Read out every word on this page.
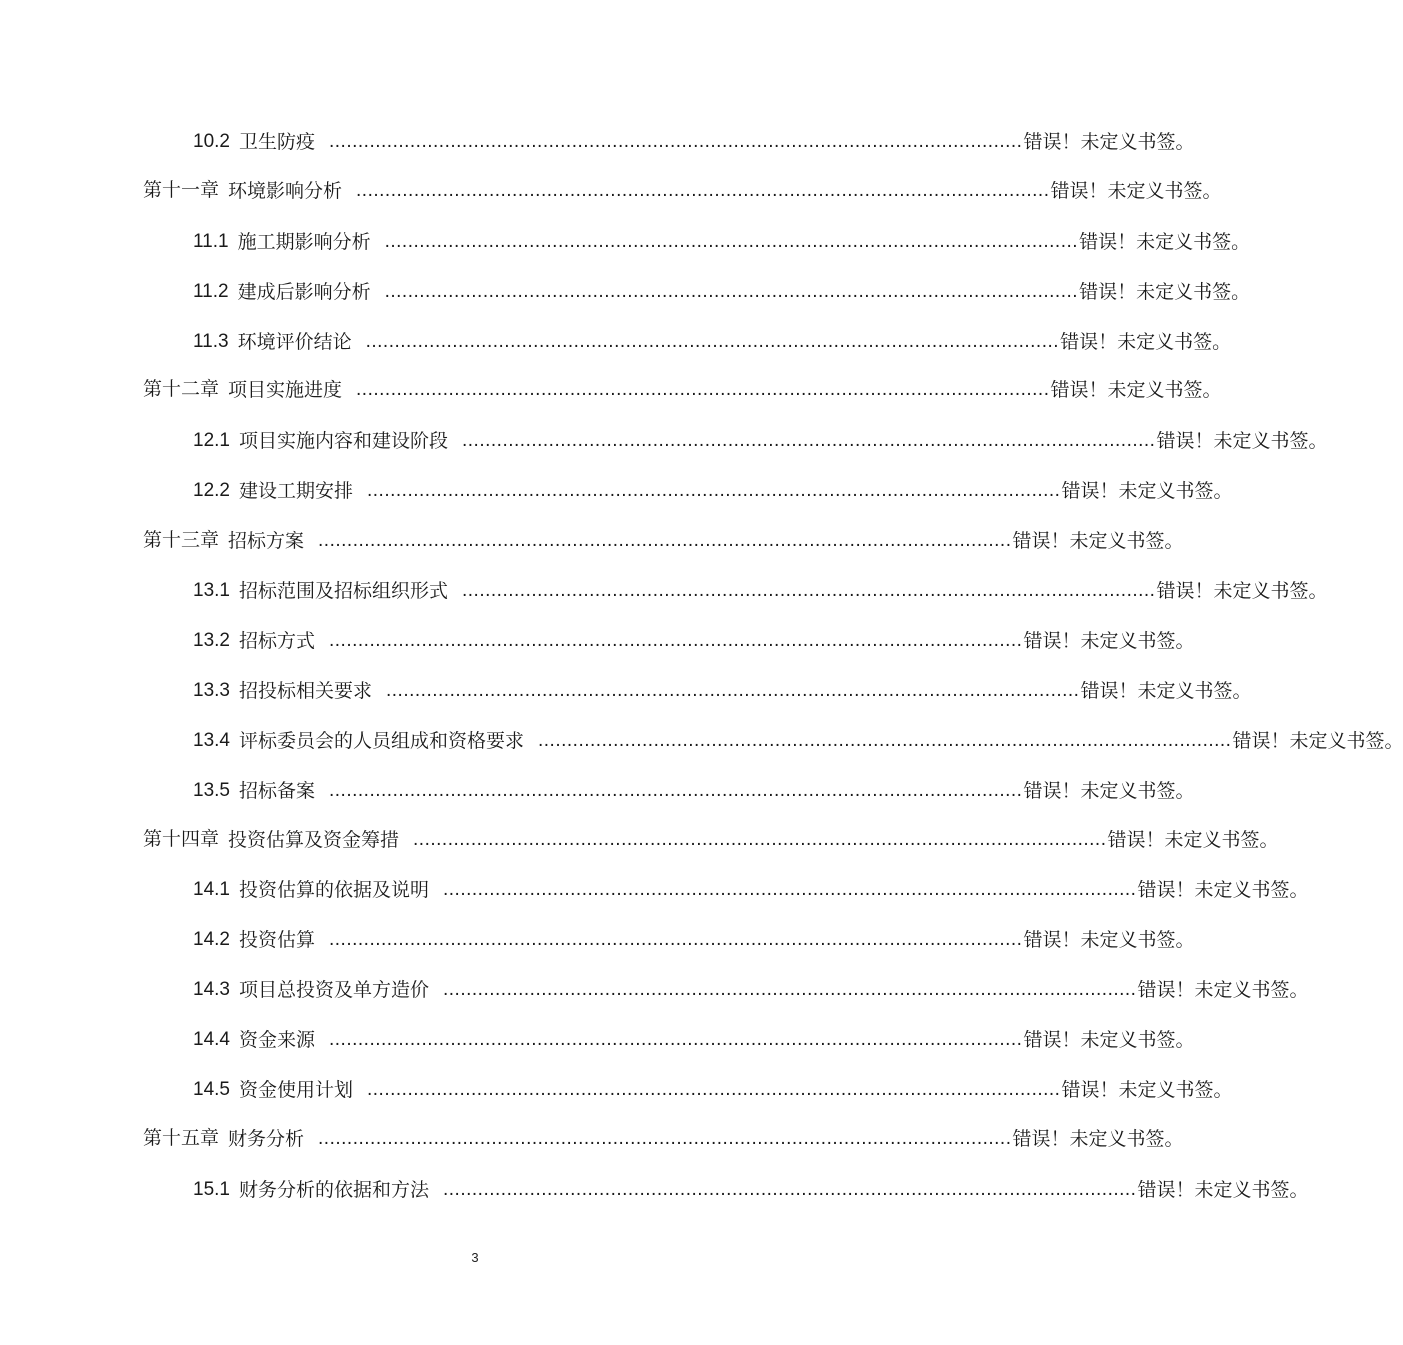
10.2 卫生防疫 ........................................................................................................................ 错误！未定义书签。
第十一章 环境影响分析 ........................................................................................................................ 错误！未定义书签。
11.1 施工期影响分析 ........................................................................................................................ 错误！未定义书签。
11.2 建成后影响分析 ........................................................................................................................ 错误！未定义书签。
11.3 环境评价结论 ........................................................................................................................ 错误！未定义书签。
第十二章 项目实施进度 ........................................................................................................................ 错误！未定义书签。
12.1 项目实施内容和建设阶段 ........................................................................................................................ 错误！未定义书签。
12.2 建设工期安排 ........................................................................................................................ 错误！未定义书签。
第十三章 招标方案 ........................................................................................................................ 错误！未定义书签。
13.1 招标范围及招标组织形式 ........................................................................................................................ 错误！未定义书签。
13.2 招标方式 ........................................................................................................................ 错误！未定义书签。
13.3 招投标相关要求 ........................................................................................................................ 错误！未定义书签。
13.4 评标委员会的人员组成和资格要求 ........................................................................................................................ 错误！未定义书签。
13.5 招标备案 ........................................................................................................................ 错误！未定义书签。
第十四章 投资估算及资金筹措 ........................................................................................................................ 错误！未定义书签。
14.1 投资估算的依据及说明 ........................................................................................................................ 错误！未定义书签。
14.2 投资估算 ........................................................................................................................ 错误！未定义书签。
14.3 项目总投资及单方造价 ........................................................................................................................ 错误！未定义书签。
14.4 资金来源 ........................................................................................................................ 错误！未定义书签。
14.5 资金使用计划 ........................................................................................................................ 错误！未定义书签。
第十五章 财务分析 ........................................................................................................................ 错误！未定义书签。
15.1 财务分析的依据和方法 ........................................................................................................................ 错误！未定义书签。
3
